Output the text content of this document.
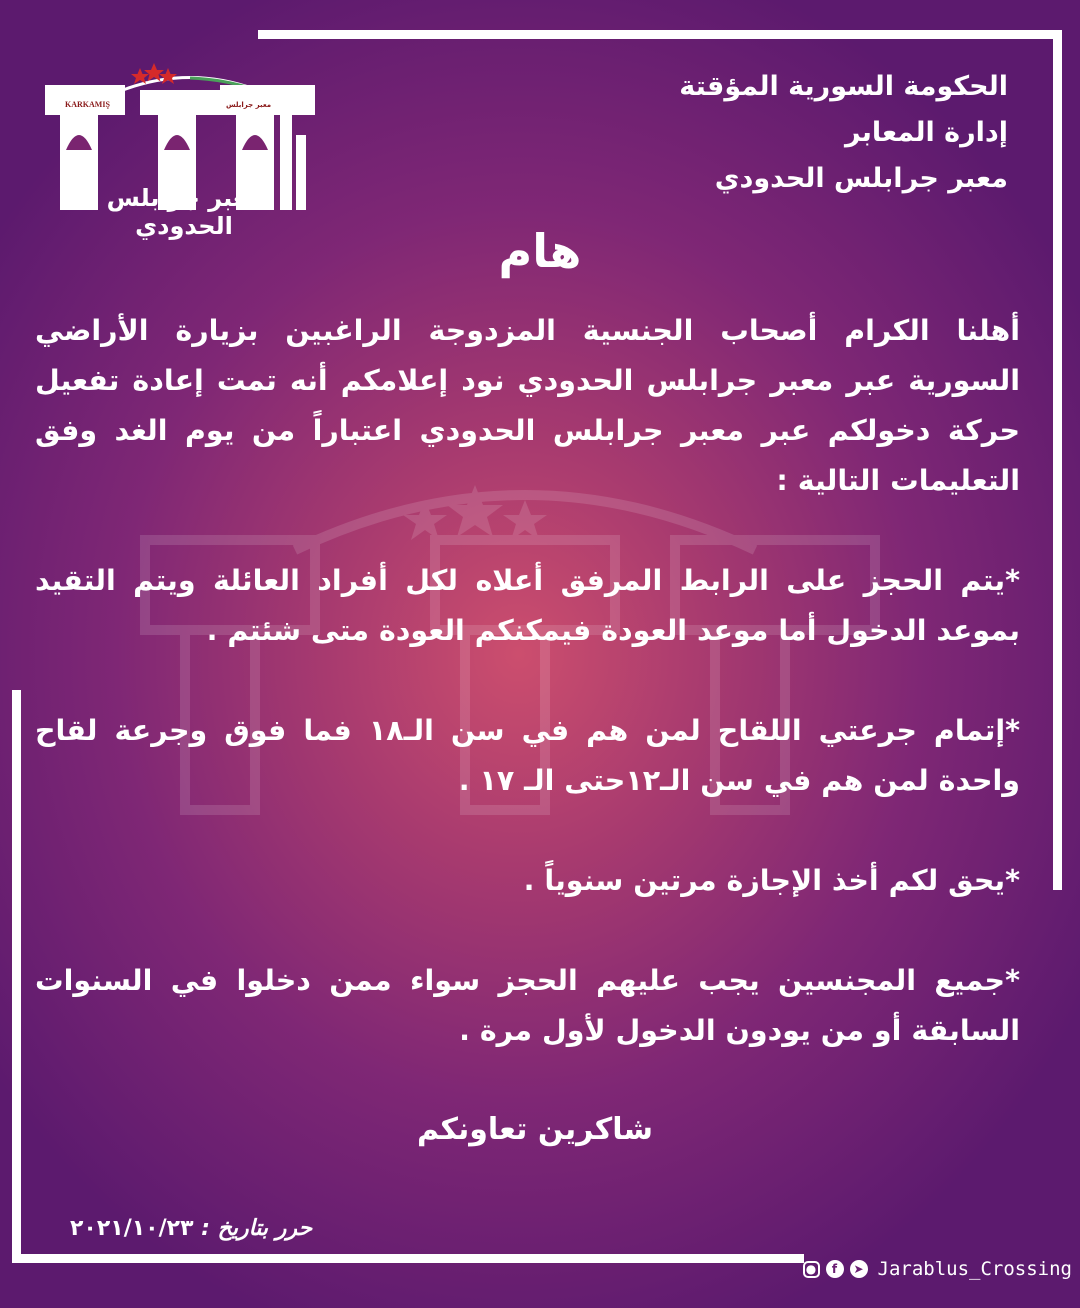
KARKAMIŞ	معبر جرابلس
معبر جرابلس الحدودي
الحكومة السورية المؤقتة
إدارة المعابر
معبر جرابلس الحدودي
هام

أهلنا الكرام أصحاب الجنسية المزدوجة الراغبين بزيارة الأراضي السورية عبر معبر جرابلس الحدودي نود إعلامكم أنه تمت إعادة تفعيل حركة دخولكم عبر معبر جرابلس الحدودي اعتباراً من يوم الغد وفق التعليمات التالية :

*يتم الحجز على الرابط المرفق أعلاه لكل أفراد العائلة ويتم التقيد بموعد الدخول أما موعد العودة فيمكنكم العودة متى شئتم .

*إتمام جرعتي اللقاح لمن هم في سن الـ١٨ فما فوق وجرعة لقاح واحدة لمن هم في سن الـ١٢حتى الـ ١٧ .

*يحق لكم أخذ الإجازة مرتين سنوياً .

*جميع المجنسين يجب عليهم الحجز سواء ممن دخلوا في السنوات السابقة أو من يودون الدخول لأول مرة .

شاكرين تعاونكم
حرر بتاريخ : ٢٠٢١/١٠/٢٣
●	f	➤ Jarablus_Crossing
